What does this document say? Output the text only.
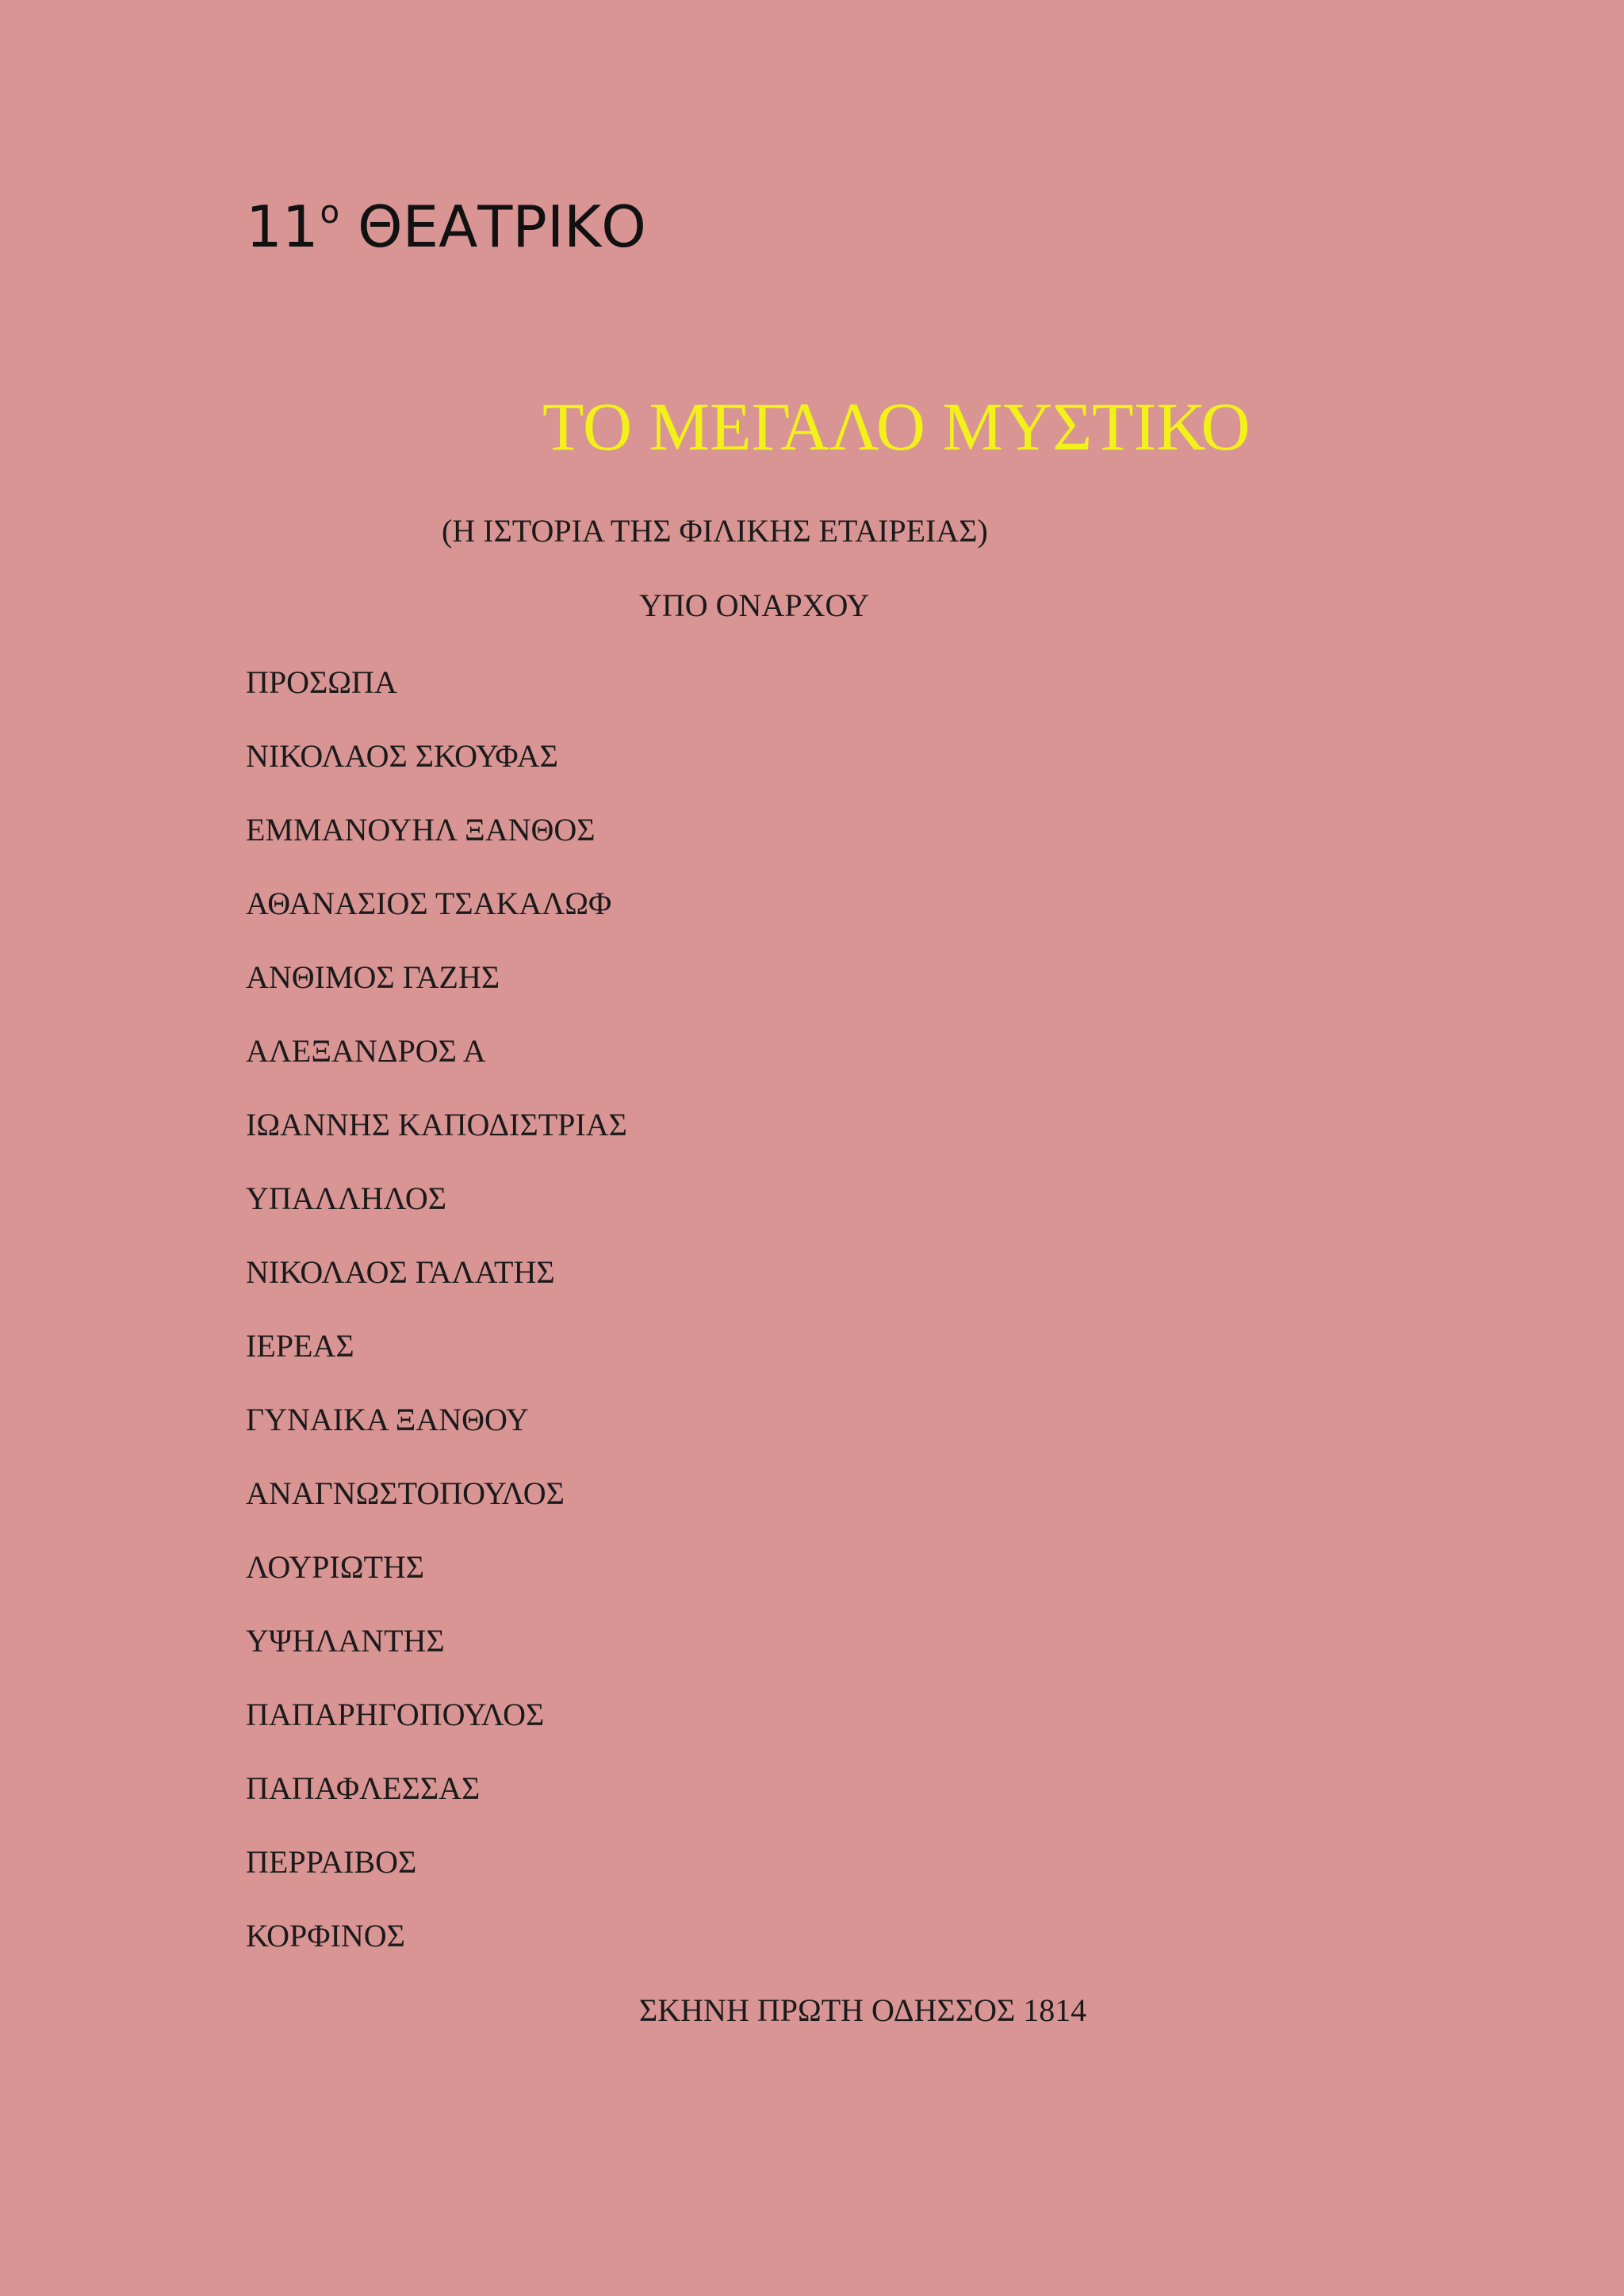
$11^o$ ΘΕΑΤΡΙΚΟ
ΤΟ ΜΕΓΑΛΟ ΜΥΣΤΙΚΟ
(Η ΙΣΤΟΡΙΑ ΤΗΣ ΦΙΛΙΚΗΣ ΕΤΑΙΡΕΙΑΣ)
ΥΠΟ ΟΝΑΡΧΟΥ
ΠΡΟΣΩΠΑ
ΝΙΚΟΛΑΟΣ ΣΚΟΥΦΑΣ
ΕΜΜΑΝΟΥΗΛ ΞΑΝΘΟΣ
ΑΘΑΝΑΣΙΟΣ ΤΣΑΚΑΛΩΦ
ΑΝΘΙΜΟΣ ΓΑΖΗΣ
ΑΛΕΞΑΝΔΡΟΣ Α
ΙΩΑΝΝΗΣ ΚΑΠΟΔΙΣΤΡΙΑΣ
ΥΠΑΛΛΗΛΟΣ
ΝΙΚΟΛΑΟΣ ΓΑΛΑΤΗΣ
ΙΕΡΕΑΣ
ΓΥΝΑΙΚΑ ΞΑΝΘΟΥ
ΑΝΑΓΝΩΣΤΟΠΟΥΛΟΣ
ΛΟΥΡΙΩΤΗΣ
ΥΨΗΛΑΝΤΗΣ
ΠΑΠΑΡΗΓΟΠΟΥΛΟΣ
ΠΑΠΑΦΛΕΣΣΑΣ
ΠΕΡΡΑΙΒΟΣ
ΚΟΡΦΙΝΟΣ
ΣΚΗΝΗ ΠΡΩΤΗ ΟΔΗΣΣΟΣ 1814
